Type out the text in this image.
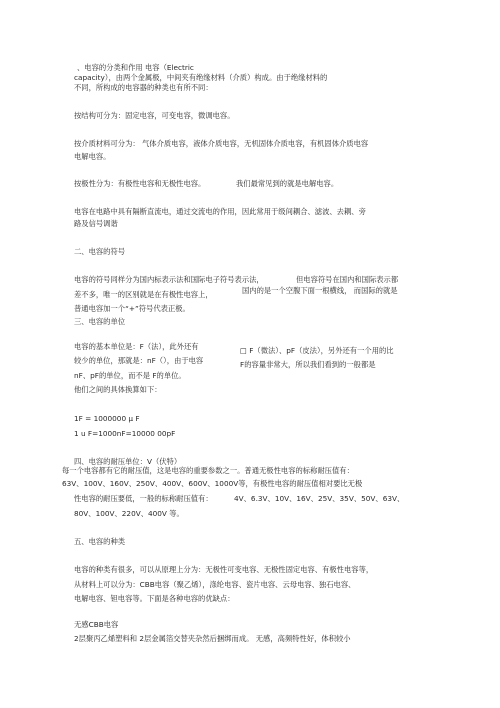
、电容的分类和作用 电容（Electric
capacity），由两个金属极，中间夹有绝缘材料（介质）构成。由于绝缘材料的
不同，所构成的电容器的种类也有所不同：
按结构可分为：固定电容，可变电容，微调电容。
按介质材料可分为： 气体介质电容，液体介质电容，无机固体介质电容，有机固体介质电容
电解电容。
按极性分为：有极性电容和无极性电容。	我们最常见到的就是电解电容。
电容在电路中具有隔断直流电，通过交流电的作用，因此常用于级间耦合、滤波、去耦、旁
路及信号调谐
二、电容的符号
电容的符号同样分为国内标表示法和国际电子符号表示法，	但电容符号在国内和国际表示都
差不多，唯一的区别就是在有极性电容上，	国内的是一个空腹下面一根横线， 而国际的就是
普通电容加一个“+”符号代表正极。
三、电容的单位
电容的基本单位是：F（法），此外还有	□ F（微法）、pF（皮法），另外还有一个用的比
较少的单位，那就是：nF（），由于电容	F的容量非常大，所以我们看到的一般都是
nF、pF的单位，而不是 F的单位。
他们之间的具体换算如下：
1F = 1000000 μ F
1 u F=1000nF=10000 00pF
四、电容的耐压单位：V（伏特）
每一个电容都有它的耐压值，这是电容的重要参数之一。普通无极性电容的标称耐压值有：
63V、100V、160V、250V、400V、600V、1000V等，有极性电容的耐压值相对要比无极
性电容的耐压要低，一般的标称耐压值有：	4V、6.3V、10V、16V、25V、35V、50V、63V、
80V、100V、220V、400V 等。
五、电容的种类
电容的种类有很多，可以从原理上分为：无极性可变电容、无极性固定电容、有极性电容等，
从材料上可以分为：CBB电容（聚乙烯），涤纶电容、瓷片电容、云母电容、独石电容、
电解电容、钽电容等。下面是各种电容的优缺点：
无感CBB电容
2层聚丙乙烯塑料和 2层金属箔交替夹杂然后捆绑而成。 无感，高频特性好，体积较小
